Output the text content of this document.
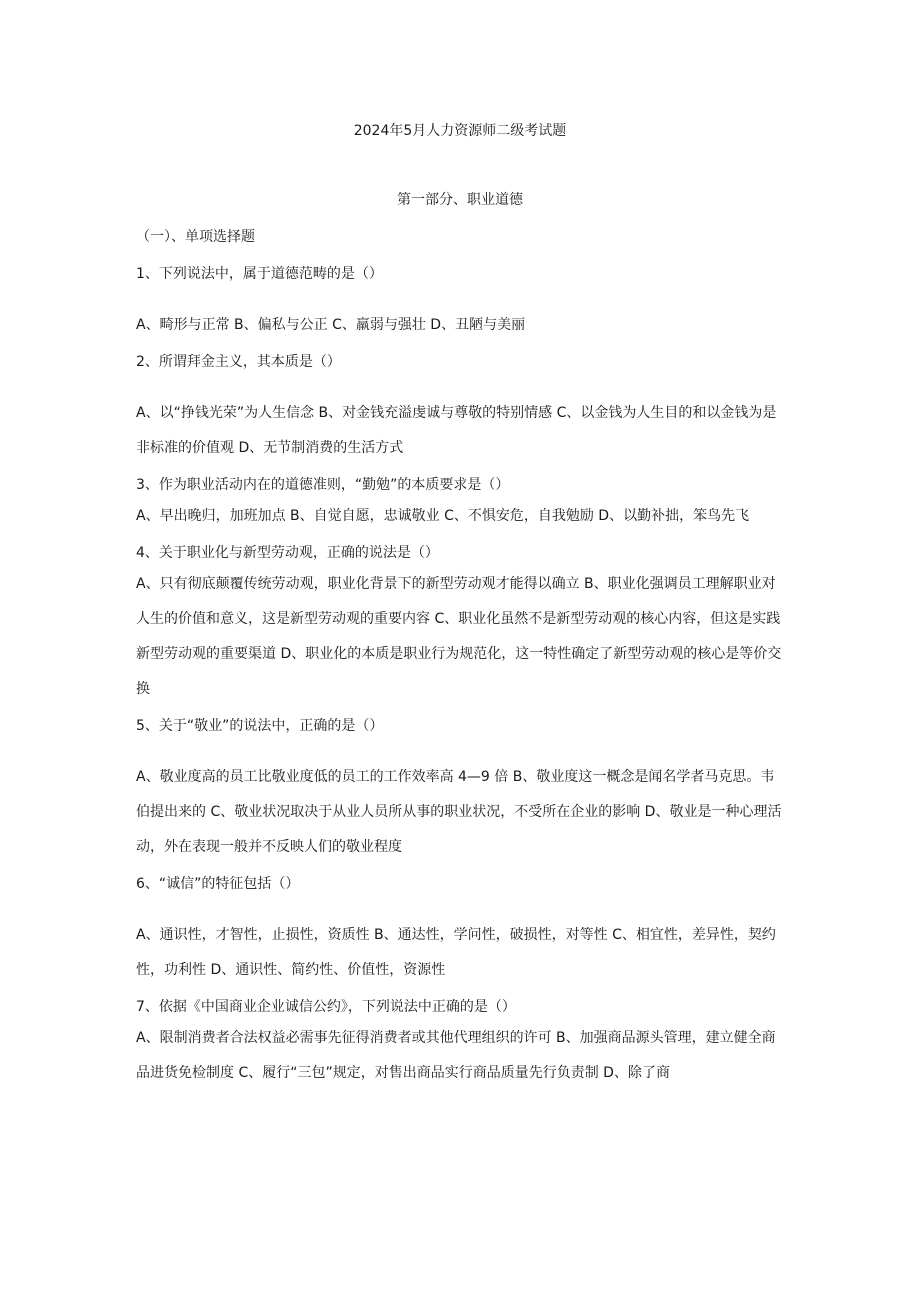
2024年5月人力资源师二级考试题
第一部分、职业道德

（一）、单项选择题

1、下列说法中，属于道德范畴的是（）

A、畸形与正常 B、偏私与公正 C、羸弱与强壮 D、丑陋与美丽

2、所谓拜金主义，其本质是（）

A、以“挣钱光荣”为人生信念 B、对金钱充溢虔诚与尊敬的特别情感 C、以金钱为人生目的和以金钱为是非标准的价值观 D、无节制消费的生活方式

3、作为职业活动内在的道德准则，“勤勉”的本质要求是（）

A、早出晚归，加班加点 B、自觉自愿，忠诚敬业 C、不惧安危，自我勉励 D、以勤补拙，笨鸟先飞

4、关于职业化与新型劳动观，正确的说法是（）

A、只有彻底颠覆传统劳动观，职业化背景下的新型劳动观才能得以确立 B、职业化强调员工理解职业对人生的价值和意义，这是新型劳动观的重要内容 C、职业化虽然不是新型劳动观的核心内容，但这是实践新型劳动观的重要渠道 D、职业化的本质是职业行为规范化，这一特性确定了新型劳动观的核心是等价交换

5、关于“敬业”的说法中，正确的是（）

A、敬业度高的员工比敬业度低的员工的工作效率高 4—9 倍 B、敬业度这一概念是闻名学者马克思。韦伯提出来的 C、敬业状况取决于从业人员所从事的职业状况，不受所在企业的影响 D、敬业是一种心理活动，外在表现一般并不反映人们的敬业程度

6、“诚信”的特征包括（）

A、通识性，才智性，止损性，资质性 B、通达性，学问性，破损性，对等性 C、相宜性，差异性，契约性，功利性 D、通识性、简约性、价值性，资源性

7、依据《中国商业企业诚信公约》，下列说法中正确的是（）

A、限制消费者合法权益必需事先征得消费者或其他代理组织的许可 B、加强商品源头管理，建立健全商品进货免检制度 C、履行“三包”规定，对售出商品实行商品质量先行负责制 D、除了商
